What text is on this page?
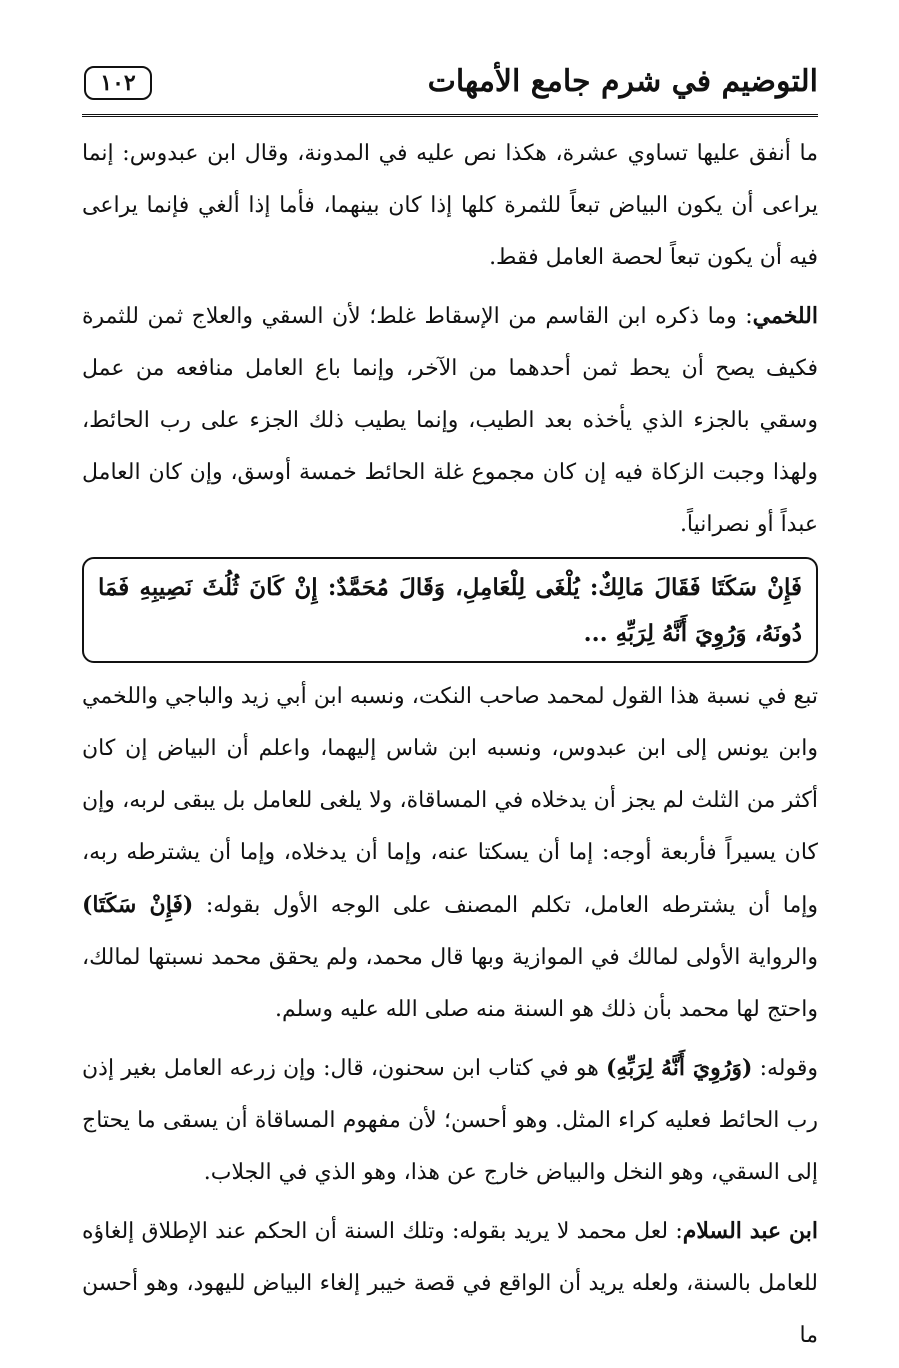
التوضيم في شرم جامع الأمهات
١٠٢

ما أنفق عليها تساوي عشرة، هكذا نص عليه في المدونة، وقال ابن عبدوس: إنما يراعى أن يكون البياض تبعاً للثمرة كلها إذا كان بينهما، فأما إذا ألغي فإنما يراعى فيه أن يكون تبعاً لحصة العامل فقط.

اللخمي: وما ذكره ابن القاسم من الإسقاط غلط؛ لأن السقي والعلاج ثمن للثمرة فكيف يصح أن يحط ثمن أحدهما من الآخر، وإنما باع العامل منافعه من عمل وسقي بالجزء الذي يأخذه بعد الطيب، وإنما يطيب ذلك الجزء على رب الحائط، ولهذا وجبت الزكاة فيه إن كان مجموع غلة الحائط خمسة أوسق، وإن كان العامل عبداً أو نصرانياً.

فَإِنْ سَكَتَا فَقَالَ مَالِكٌ: يُلْغَى لِلْعَامِلِ، وَقَالَ مُحَمَّدٌ: إِنْ كَانَ ثُلُثَ نَصِيبِهِ فَمَا دُونَهُ، وَرُوِيَ أَنَّهُ لِرَبِّهِ ...

تبع في نسبة هذا القول لمحمد صاحب النكت، ونسبه ابن أبي زيد والباجي واللخمي وابن يونس إلى ابن عبدوس، ونسبه ابن شاس إليهما، واعلم أن البياض إن كان أكثر من الثلث لم يجز أن يدخلاه في المساقاة، ولا يلغى للعامل بل يبقى لربه، وإن كان يسيراً فأربعة أوجه: إما أن يسكتا عنه، وإما أن يدخلاه، وإما أن يشترطه ربه، وإما أن يشترطه العامل، تكلم المصنف على الوجه الأول بقوله: (فَإِنْ سَكَتَا) والرواية الأولى لمالك في الموازية وبها قال محمد، ولم يحقق محمد نسبتها لمالك، واحتج لها محمد بأن ذلك هو السنة منه صلى الله عليه وسلم.

وقوله: (وَرُوِيَ أَنَّهُ لِرَبِّهِ) هو في كتاب ابن سحنون، قال: وإن زرعه العامل بغير إذن رب الحائط فعليه كراء المثل. وهو أحسن؛ لأن مفهوم المساقاة أن يسقى ما يحتاج إلى السقي، وهو النخل والبياض خارج عن هذا، وهو الذي في الجلاب.

ابن عبد السلام: لعل محمد لا يريد بقوله: وتلك السنة أن الحكم عند الإطلاق إلغاؤه للعامل بالسنة، ولعله يريد أن الواقع في قصة خيبر إلغاء البياض لليهود، وهو أحسن ما
